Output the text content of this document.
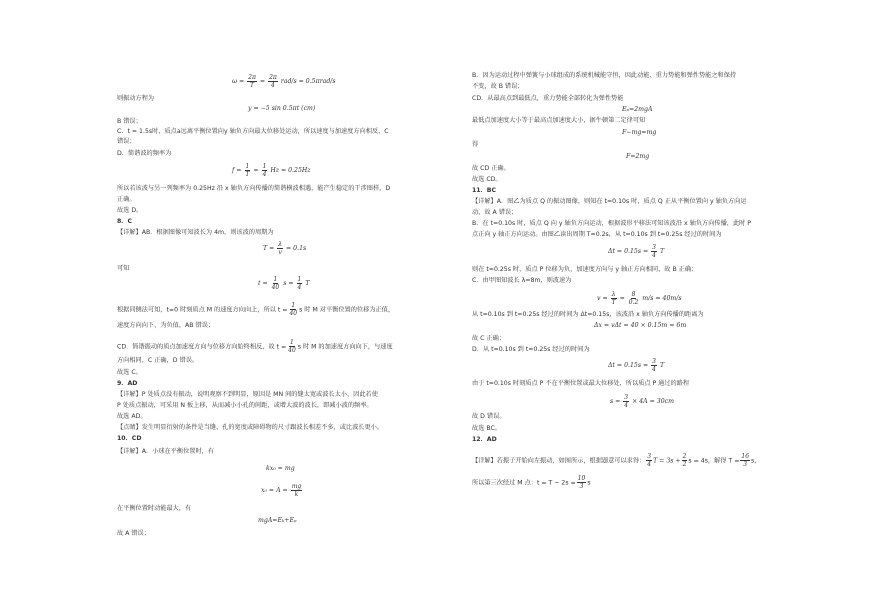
$\omega = \frac{2\pi}{T} = \frac{2\pi}{4} rad/s = 0.5\pi rad/s$
则振动方程为
y = −5 sin 0.5πt (cm)
B 错误；
C．t = 1.5s时，质点a远离平衡位置向y 轴负方向最大位移处运动，所以速度与加速度方向相反，C
错误；
D．简谐波的频率为
$f = \frac{1}{T} = \frac{1}{4}$ Hz = 0.25Hz
所以若该波与另一列频率为 0.25Hz 沿 x 轴负方向传播的简谐横波相遇，能产生稳定的干涉图样，D
正确。
故选 D。
8．C
【详解】AB．根据图像可知波长为 4m，则该波的周期为
$T = \frac{\lambda}{v} = 0.1s$
可知
$t = \frac{1}{40}$ $s = \frac{1}{4}$ T
根据同侧法可知，t=0 时刻质点 M 的速度方向向上，所以 $t = \frac{1}{40}$ s 时 M 对平衡位置的位移为正值，
速度方向向下，为负值，AB 错误；
CD．简谐振动的质点加速度方向与位移方向始终相反，故 $t = \frac{1}{40}$ s 时 M 的加速度方向向下，与速度
方向相同，C 正确，D 错误。
故选 C。
9．AD
【详解】P 处质点没有振动，说明观察不到明显，原因是 MN 间的缝太宽或波长太小，因此若使
P 处质点振动，可采用 N 板上移，从而减小小孔的间距，或增大波的波长，即减小波的频率。
故选 AD。
【点睛】发生明显衍射的条件是当缝、孔的宽度或障碍物的尺寸跟波长相差不多，或比波长更小。
10．CD
【详解】A．小球在平衡位置时，有
kx₀ = mg
$x_0 = A = \frac{mg}{k}$
在平衡位置时动能最大，有
mgA=Eₖ+Eₚ
故 A 错误；
B．因为运动过程中弹簧与小球组成的系统机械能守恒，因此动能、重力势能和弹性势能之和保持
不变，故 B 错误；
CD．从最高点到最低点，重力势能全部转化为弹性势能
Eₚ=2mgA
最低点加速度大小等于最高点加速度大小，据牛顿第二定律可知
F−mg=mg
得
F=2mg
故 CD 正确。
故选 CD。
11．BC
【详解】A．图乙为质点 Q 的振动图像，则知在 t=0.10s 时，质点 Q 正从平衡位置向 y 轴负方向运
动，故 A 错误；
B．在 t=0.10s 时，质点 Q 向 y 轴负方向运动，根据波形平移法可知该波沿 x 轴负方向传播，此时 P
点正向 y 轴正方向运动。由图乙读出周期 T=0.2s，从 t=0.10s 到 t=0.25s 经过的时间为
$\Delta t = 0.15s = \frac{3}{4}$ T
则在 t=0.25s 时，质点 P 位移为负，加速度方向与 y 轴正方向相同，故 B 正确；
C．由甲图知波长 λ=8m，则波速为
$v = \frac{\lambda}{T} = \frac{8}{0.2} m/s = 40m/s$
从 t=0.10s 到 t=0.25s 经过的时间为 Δt=0.15s，该波沿 x 轴负方向传播的距离为
Δx = vΔt = 40 × 0.15m = 6m
故 C 正确；
D．从 t=0.10s 到 t=0.25s 经过的时间为
$\Delta t = 0.15s = \frac{3}{4}$ T
由于 t=0.10s 时刻质点 P 不在平衡位置或最大位移处，所以质点 P 通过的路程
$s = \frac{3}{4} \times 4A = 30cm$
故 D 错误。
故选 BC。
12．AD
【详解】若振子开始向左振动，如图所示，根据题意可以求得： $\frac{3}{4}$ $T = 3s + \frac{2}{2}$ s = 4s，解得 $T = \frac{16}{3}$ s，
所以第三次经过 M 点：$t = T - 2s = \frac{10}{3}$ s
